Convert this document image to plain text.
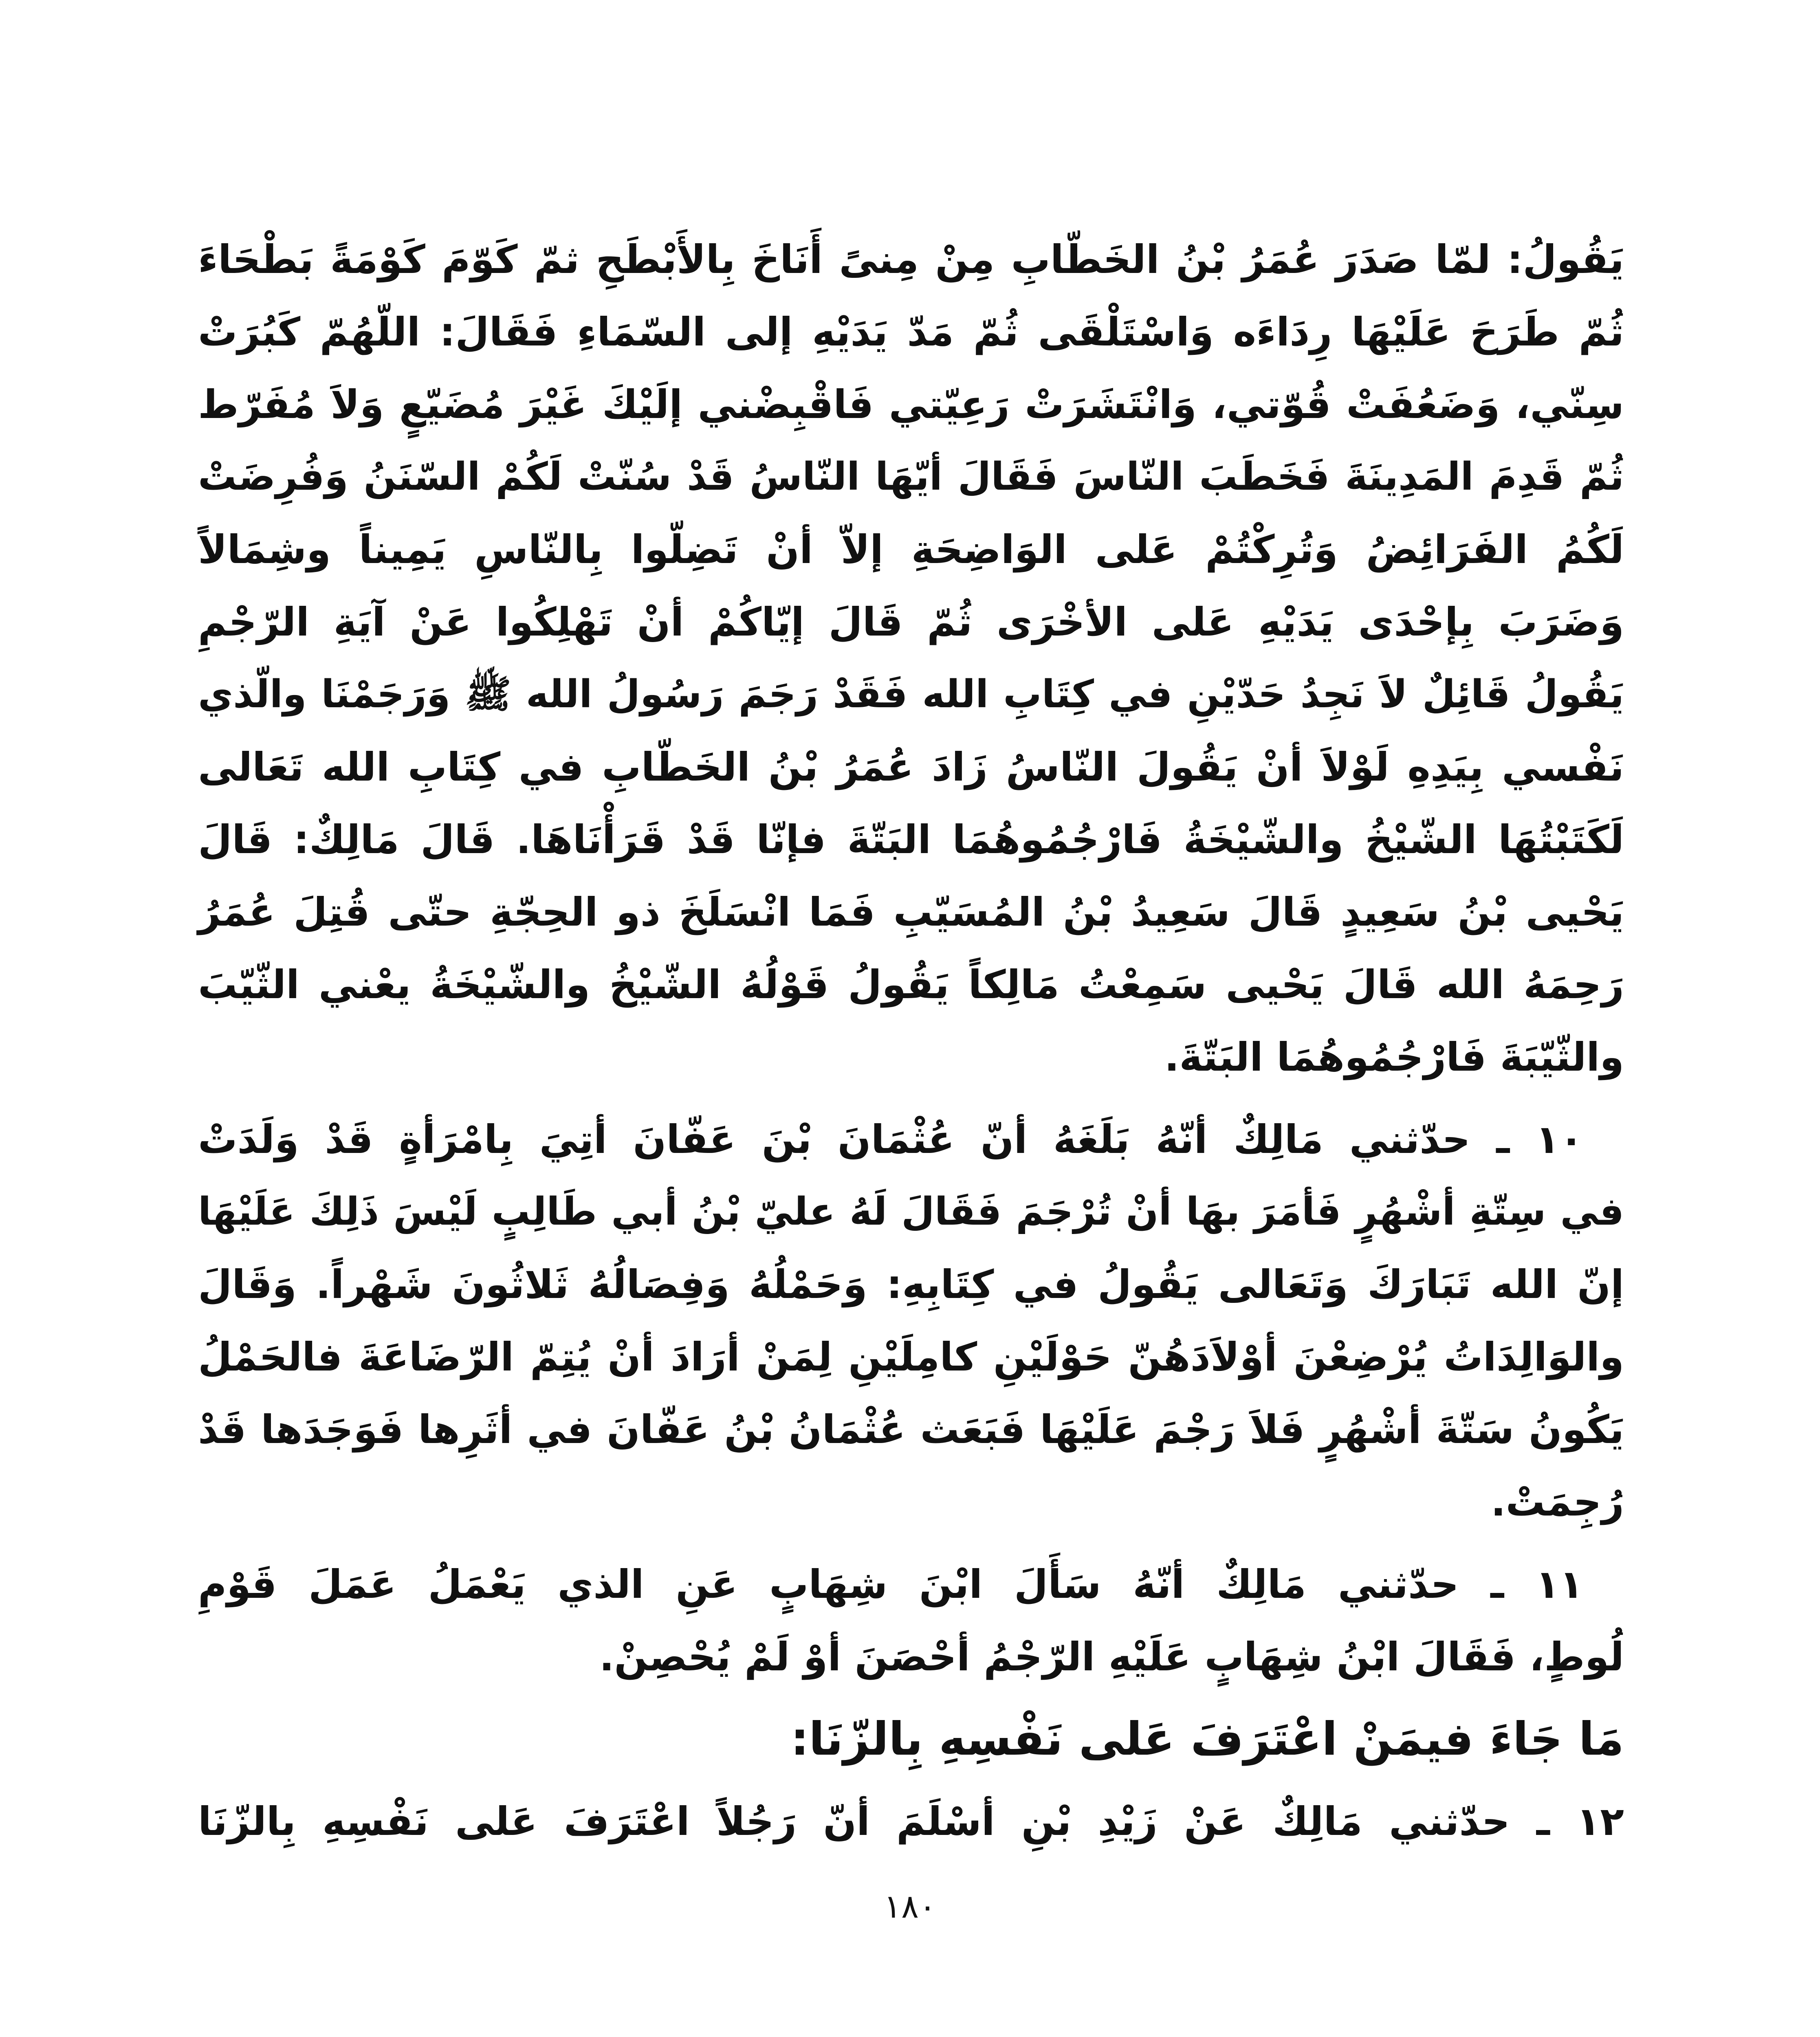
يَقُولُ: لمّا صَدَرَ عُمَرُ بْنُ الخَطّابِ مِنْ مِنىً أَنَاخَ بِالأَبْطَحِ ثمّ كَوّمَ كَوْمَةً بَطْحَاءَ
ثُمّ طَرَحَ عَلَيْهَا رِدَاءَه وَاسْتَلْقَى ثُمّ مَدّ يَدَيْهِ إلى السّمَاءِ فَقَالَ: اللّهُمّ كَبُرَتْ
سِنّي، وَضَعُفَتْ قُوّتي، وَانْتَشَرَتْ رَعِيّتي فَاقْبِضْني إلَيْكَ غَيْرَ مُضَيّعٍ وَلاَ مُفَرّط
ثُمّ قَدِمَ المَدِينَةَ فَخَطَبَ النّاسَ فَقَالَ أيّهَا النّاسُ قَدْ سُنّتْ لَكُمْ السّنَنُ وَفُرِضَتْ
لَكُمُ الفَرَائِضُ وَتُرِكْتُمْ عَلى الوَاضِحَةِ إلاّ أنْ تَضِلّوا بِالنّاسِ يَمِيناً وشِمَالاً
وَضَرَبَ بِإحْدَى يَدَيْهِ عَلى الأخْرَى ثُمّ قَالَ إيّاكُمْ أنْ تَهْلِكُوا عَنْ آيَةِ الرّجْمِ
يَقُولُ قَائِلٌ لاَ نَجِدُ حَدّيْنِ في كِتَابِ الله فَقَدْ رَجَمَ رَسُولُ الله ﷺ وَرَجَمْنَا والّذي
نَفْسي بِيَدِهِ لَوْلاَ أنْ يَقُولَ النّاسُ زَادَ عُمَرُ بْنُ الخَطّابِ في كِتَابِ الله تَعَالى
لَكَتَبْتُهَا الشّيْخُ والشّيْخَةُ فَارْجُمُوهُمَا البَتّةَ فإنّا قَدْ قَرَأْنَاهَا. قَالَ مَالِكٌ: قَالَ
يَحْيى بْنُ سَعِيدٍ قَالَ سَعِيدُ بْنُ المُسَيّبِ فَمَا انْسَلَخَ ذو الحِجّةِ حتّى قُتِلَ عُمَرُ
رَحِمَهُ الله قَالَ يَحْيى سَمِعْتُ مَالِكاً يَقُولُ قَوْلُهُ الشّيْخُ والشّيْخَةُ يعْني الثّيّبَ
والثّيّبَةَ فَارْجُمُوهُمَا البَتّةَ.
١٠ ـ حدّثني مَالِكٌ أنّهُ بَلَغَهُ أنّ عُثْمَانَ بْنَ عَفّانَ أتِيَ بِامْرَأةٍ قَدْ وَلَدَتْ
في سِتّةِ أشْهُرٍ فَأمَرَ بهَا أنْ تُرْجَمَ فَقَالَ لَهُ عليّ بْنُ أبي طَالِبٍ لَيْسَ ذَلِكَ عَلَيْهَا
إنّ الله تَبَارَكَ وَتَعَالى يَقُولُ في كِتَابِهِ: وَحَمْلُهُ وَفِصَالُهُ ثَلاثُونَ شَهْراً. وَقَالَ
والوَالِدَاتُ يُرْضِعْنَ أوْلاَدَهُنّ حَوْلَيْنِ كامِلَيْنِ لِمَنْ أرَادَ أنْ يُتِمّ الرّضَاعَةَ فالحَمْلُ
يَكُونُ سَتّةَ أشْهُرٍ فَلاَ رَجْمَ عَلَيْهَا فَبَعَث عُثْمَانُ بْنُ عَفّانَ في أثَرِها فَوَجَدَها قَدْ
رُجِمَتْ.
١١ ـ حدّثني مَالِكٌ أنّهُ سَأَلَ ابْنَ شِهَابٍ عَنِ الذي يَعْمَلُ عَمَلَ قَوْمِ
لُوطٍ، فَقَالَ ابْنُ شِهَابٍ عَلَيْهِ الرّجْمُ أحْصَنَ أوْ لَمْ يُحْصِنْ.
مَا جَاءَ فيمَنْ اعْتَرَفَ عَلى نَفْسِهِ بِالزّنَا:
١٢ ـ حدّثني مَالِكٌ عَنْ زَيْدِ بْنِ أسْلَمَ أنّ رَجُلاً اعْتَرَفَ عَلى نَفْسِهِ بِالزّنَا
١٨٠
